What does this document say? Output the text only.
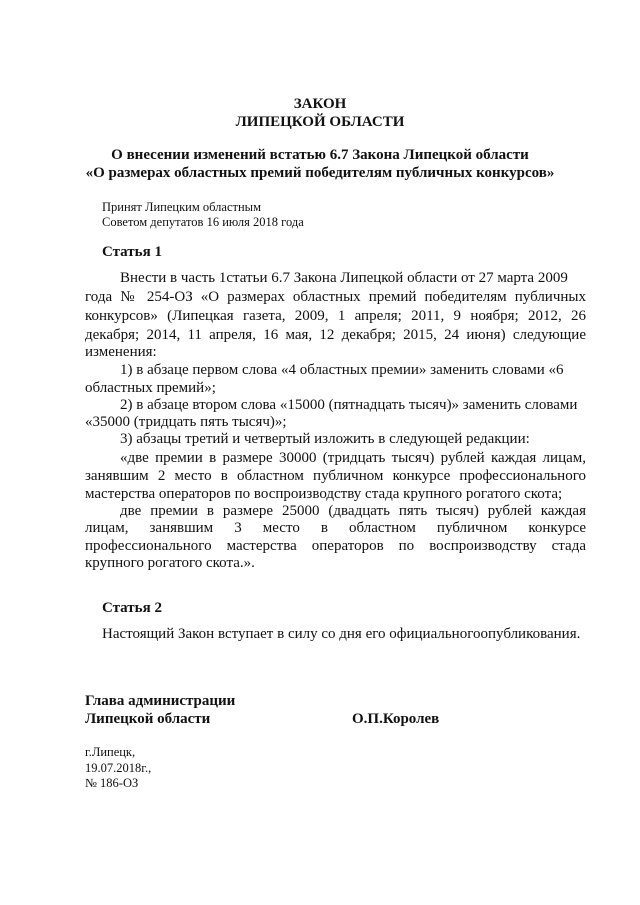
ЗАКОН
ЛИПЕЦКОЙ ОБЛАСТИ
О внесении изменений встатью 6.7 Закона Липецкой области
«О размерах областных премий победителям публичных конкурсов»
Принят Липецким областным
Советом депутатов 16 июля 2018 года
Статья 1
Внести в часть 1статьи 6.7 Закона Липецкой области от 27 марта 2009
года № 254-ОЗ «О размерах областных премий победителям публичных
конкурсов» (Липецкая газета, 2009, 1 апреля; 2011, 9 ноября; 2012, 26
декабря; 2014, 11 апреля, 16 мая, 12 декабря; 2015, 24 июня) следующие
изменения:
1) в абзаце первом слова «4 областных премии» заменить словами «6
областных премий»;
2) в абзаце втором слова «15000 (пятнадцать тысяч)» заменить словами
«35000 (тридцать пять тысяч)»;
3) абзацы третий и четвертый изложить в следующей редакции:
«две премии в размере 30000 (тридцать тысяч) рублей каждая лицам,
занявшим 2 место в областном публичном конкурсе профессионального
мастерства операторов по воспроизводству стада крупного рогатого скота;
две премии в размере 25000 (двадцать пять тысяч) рублей каждая
лицам, занявшим 3 место в областном публичном конкурсе
профессионального мастерства операторов по воспроизводству стада
крупного рогатого скота.».
Статья 2
Настоящий Закон вступает в силу со дня его официальногоопубликования.
Глава администрации
Липецкой области	О.П.Королев
г.Липецк,
19.07.2018г.,
№ 186-ОЗ
